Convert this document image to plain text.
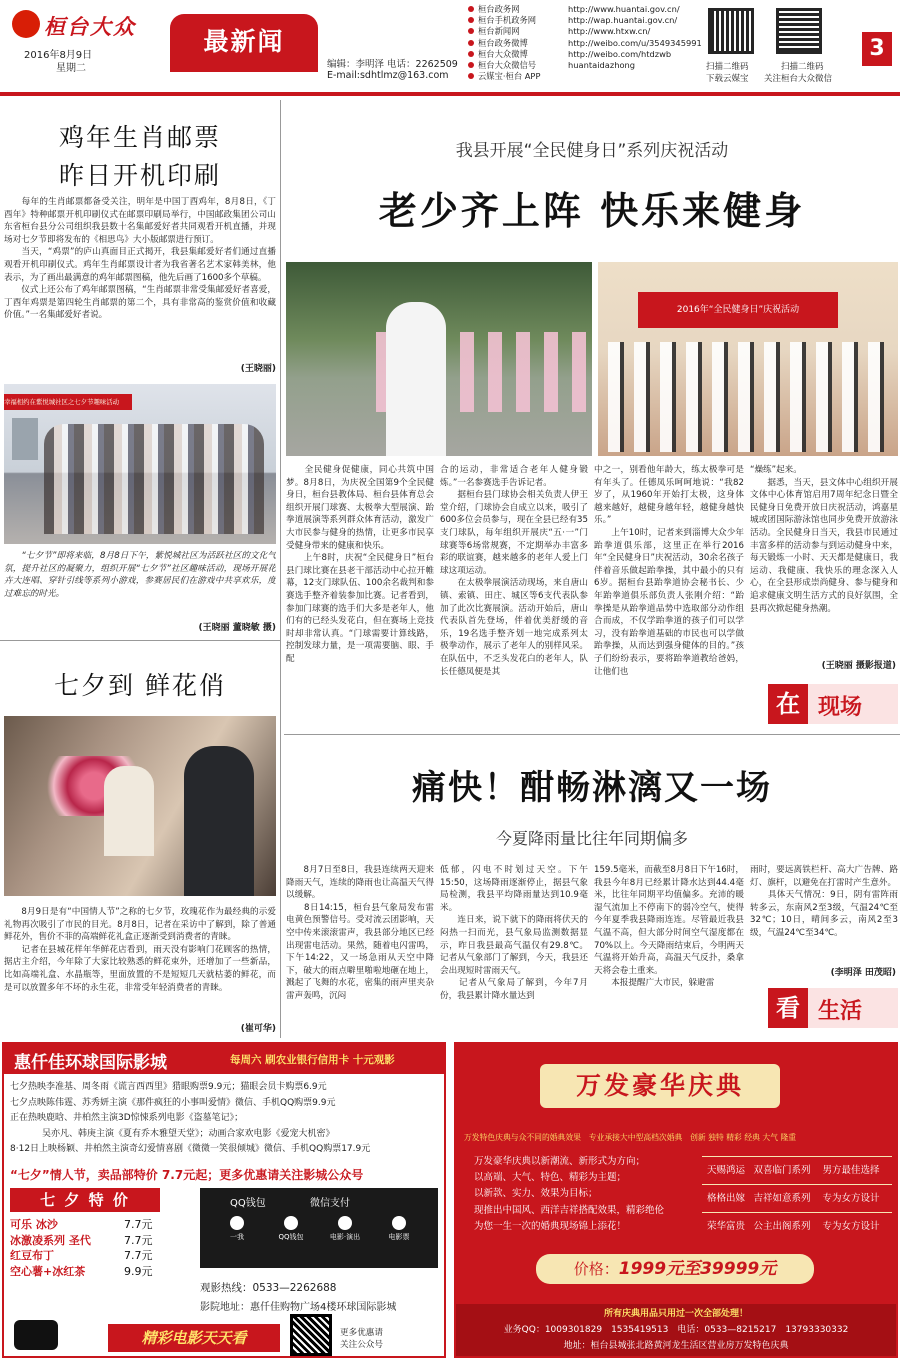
桓台大众
2016年8月9日
星期二
最新闻
编辑：李明泽 电话：2262509
E-mail:sdhtlmz@163.com
桓台政务网	http://www.huantai.gov.cn/
桓台手机政务网	http://wap.huantai.gov.cn/
桓台新闻网	http://www.htxw.cn/
桓台政务微博	http://weibo.com/u/3549345991
桓台大众微博	http://weibo.com/htdzwb
桓台大众微信号	huantaidazhong
云媒宝·桓台 APP
扫描二维码
下载云媒宝
扫描二维码
关注桓台大众微信
3
鸡年生肖邮票
昨日开机印刷
　　每年的生肖邮票都备受关注，明年是中国丁酉鸡年，8月8日，《丁酉年》特种邮票开机印刷仪式在邮票印刷局举行，中国邮政集团公司山东省桓台县分公司组织我县数十名集邮爱好者共同观看开机直播，并现场对七夕节即将发布的《相思鸟》大小版邮票进行预订。
　　当天，“鸡票”的庐山真面目正式揭开，我县集邮爱好者们通过直播观看开机印刷仪式。鸡年生肖邮票设计者为我省著名艺术家韩美林，他表示，为了画出最满意的鸡年邮票图稿，他先后画了1600多个草稿。
　　仪式上还公布了鸡年邮票图稿，“生肖邮票非常受集邮爱好者喜爱，丁酉年鸡票是第四轮生肖邮票的第二个，具有非常高的鉴赏价值和收藏价值。”一名集邮爱好者说。
(王晓丽)
幸福相约在紫悦城社区之七夕节趣味活动
　　“七夕节”即将来临，8月8日下午，紫悦城社区为活跃社区的文化气氛，提升社区的凝聚力，组织开展“七夕节”社区趣味活动，现场开展花卉大连唱、穿针引线等系列小游戏，参赛居民们在游戏中共享欢乐，度过难忘的时光。
(王晓丽 董晓敏 摄)
七夕到 鲜花俏
　　8月9日是有“中国情人节”之称的七夕节，玫瑰花作为最经典的示爱礼物再次吸引了市民的目光。8月8日，记者在采访中了解到，除了普通鲜花外，售价不菲的高端鲜花礼盒正逐渐受到消费者的青睐。
　　记者在县城花样年华鲜花店看到，雨天没有影响门花顾客的热情，据店主介绍，今年除了大家比较熟悉的鲜花束外，还增加了一些新品，比如高端礼盒、水晶瓶等，里面放置的不是短短几天就枯萎的鲜花，而是可以放置多年不坏的永生花，非常受年轻消费者的青睐。
(崔可华)
我县开展“全民健身日”系列庆祝活动
老少齐上阵 快乐来健身
2016年“全民健身日”庆祝活动
　　全民健身促健康，同心共筑中国梦。8月8日，为庆祝全国第9个全民健身日，桓台县教体局、桓台县体育总会组织开展门球赛、太极拳大型展演、跆拳道展演等系列群众体育活动，激发广大市民参与健身的热情，让更多市民享受健身带来的健康和快乐。
　　上午8时，庆祝“全民健身日”桓台县门球比赛在县老干部活动中心拉开帷幕，12支门球队伍、100余名裁判和参赛选手整齐着装参加比赛。记者看到，参加门球赛的选手们大多是老年人，他们有的已经头发花白，但在赛场上竞技时却非常认真。“门球需要计算线路，控制发球力量，是一项需要脑、眼、手配
合的运动，非常适合老年人健身锻炼。”一名参赛选手告诉记者。
　　据桓台县门球协会相关负责人伊王堂介绍，门球协会自成立以来，吸引了600多位会员参与，现在全县已经有35支门球队，每年组织开展庆“五·一”门球赛等6场常规赛，不定期举办丰富多彩的联谊赛，越来越多的老年人爱上门球这项运动。
　　在太极拳展演活动现场，来自唐山镇、索镇、田庄、城区等6支代表队参加了此次比赛展演。活动开始后，唐山代表队首先登场，伴着优美舒缓的音乐，19名选手整齐划一地完成系列太极拳动作，展示了老年人的别样风采。在队伍中，不乏头发花白的老年人，队长任德凤便是其
中之一，别看他年龄大，练太极拳可是有年头了。任德凤乐呵呵地说：“我82岁了，从1960年开始打太极，这身体越来越好，越健身越年轻，越健身越快乐。”
　　上午10时，记者来到淄博大众少年跆拳道俱乐部，这里正在举行2016年“全民健身日”庆祝活动，30余名孩子伴着音乐做起跆拳操，其中最小的只有6岁。据桓台县跆拳道协会秘书长、少年跆拳道俱乐部负责人张刚介绍：“跆拳操是从跆拳道品势中选取部分动作组合而成，不仅学跆拳道的孩子们可以学习，没有跆拳道基础的市民也可以学做跆拳操，从而达到强身健体的目的。”孩子们纷纷表示，要将跆拳道教给爸妈，让他们也
“燥练”起来。
　　据悉，当天，县文体中心组织开展文体中心体育馆启用7周年纪念日暨全民健身日免费开放日庆祝活动，鸿嘉星城或团国际游泳馆也同步免费开放游泳活动。全民健身日当天，我县市民通过丰富多样的活动参与到运动健身中来，每天锻炼一小时、天天都是健康日，我运动、我健康、我快乐的理念深入人心，在全县形成崇尚健身、参与健身和追求健康文明生活方式的良好氛围，全县再次掀起健身热潮。
(王晓丽 摄影报道)
在 现场
痛快！酣畅淋漓又一场
今夏降雨量比往年同期偏多
　　8月7日至8日，我县连续两天迎来降雨天气，连续的降雨也让高温天气得以缓解。
　　8日14:15，桓台县气象局发布雷电黄色预警信号。受对流云团影响，天空中传来滚滚雷声，我县部分地区已经出现雷电活动。果然，随着电闪雷鸣，下午14:22，又一场急雨从天空中降下，破大的雨点噼里啪啦地砸在地上，溅起了飞舞的水花，密集的雨声里夹杂雷声轰鸣，沉闷
低郁，闪电不时划过天空。下午15:50，这场降雨逐渐停止，据县气象局检测，我县平均降雨量达到10.9毫米。
　　连日来，说下就下的降雨将伏天的闷热一扫而光，县气象局监测数据显示，昨日我县最高气温仅有29.8℃。记者从气象部门了解到，今天，我县还会出现短时雷雨天气。
　　记者从气象局了解到，今年7月份，我县累计降水量达到
159.5毫米，而截至8月8日下午16时，我县今年8月已经累计降水达到44.4毫米，比往年同期平均值偏多。充沛的暖湿气流加上不停南下的弱冷空气，使得今年夏季我县降雨连连。尽管最近我县气温不高，但大部分时间空气湿度都在70%以上。今天降雨结束后，今明两天气温将开始升高，高温天气反扑，桑拿天将会卷土重来。
　　本报提醒广大市民，躲避雷
雨时，要远离铁栏杆、高大广告牌、路灯、旗杆，以避免在打雷时产生意外。
　　具体天气情况：9日，阴有雷阵雨转多云，东南风2至3级，气温24℃至32℃；10日，晴间多云，南风2至3级，气温24℃至34℃。
(李明泽 田茂昭)
看 生活
惠仟佳环球国际影城	每周六 刷农业银行信用卡 十元观影
七夕热映李准基、周冬雨《谎言西西里》猎眼购票9.9元；猫眼会员卡购票6.9元
七夕点映陈伟霆、苏秀妍主演《那件疯狂的小事叫爱情》微信、手机QQ购票9.9元
正在热映鹿晗、井柏然主演3D惊悚系列电影《盗墓笔记》；
吴亦凡、韩庚主演《夏有乔木雅望天堂》；动画合家欢电影《爱宠大机密》
8·12日上映杨颖、井柏然主演奇幻爱情喜剧《微微一笑很倾城》微信、手机QQ购票17.9元
“七夕”情人节，卖品部特价 7.7元起；更多优惠请关注影城公众号
七 夕 特 价
可乐 冰沙	7.7元
冰激凌系列 圣代	7.7元
红豆布丁	7.7元
空心薯+冰红茶	9.9元
QQ钱包	微信支付
一我	QQ钱包	电影·演出	电影票
观影热线：0533—2262688
影院地址：惠仟佳购物广场4楼环球国际影城
精彩电影天天看	更多优惠请
关注公众号
万发豪华庆典
万发特色庆典与众不同的婚典效果　 专业承接大中型高档次婚典　 创新 独特 精彩 经典 大气 隆重
万发豪华庆典以新潮流、新形式为方向；
以高端、大气、特色、精彩为主题；
以新款、实力、效果为目标；
现推出中国风、西洋吉祥搭配效果，精彩绝伦
为您一生一次的婚典现场锦上添花！
天赐鸿运 双喜临门系列 男方最佳选择
格格出嫁 吉祥如意系列 专为女方设计
荣华富贵 公主出阁系列 专为女方设计
价格：1999元至39999元
所有庆典用品只用过一次全部处理！
业务QQ：1009301829　1535419513　电话：0533—8215217　13793330332
地址：桓台县城张北路黄河龙生活区营业房万发特色庆典
